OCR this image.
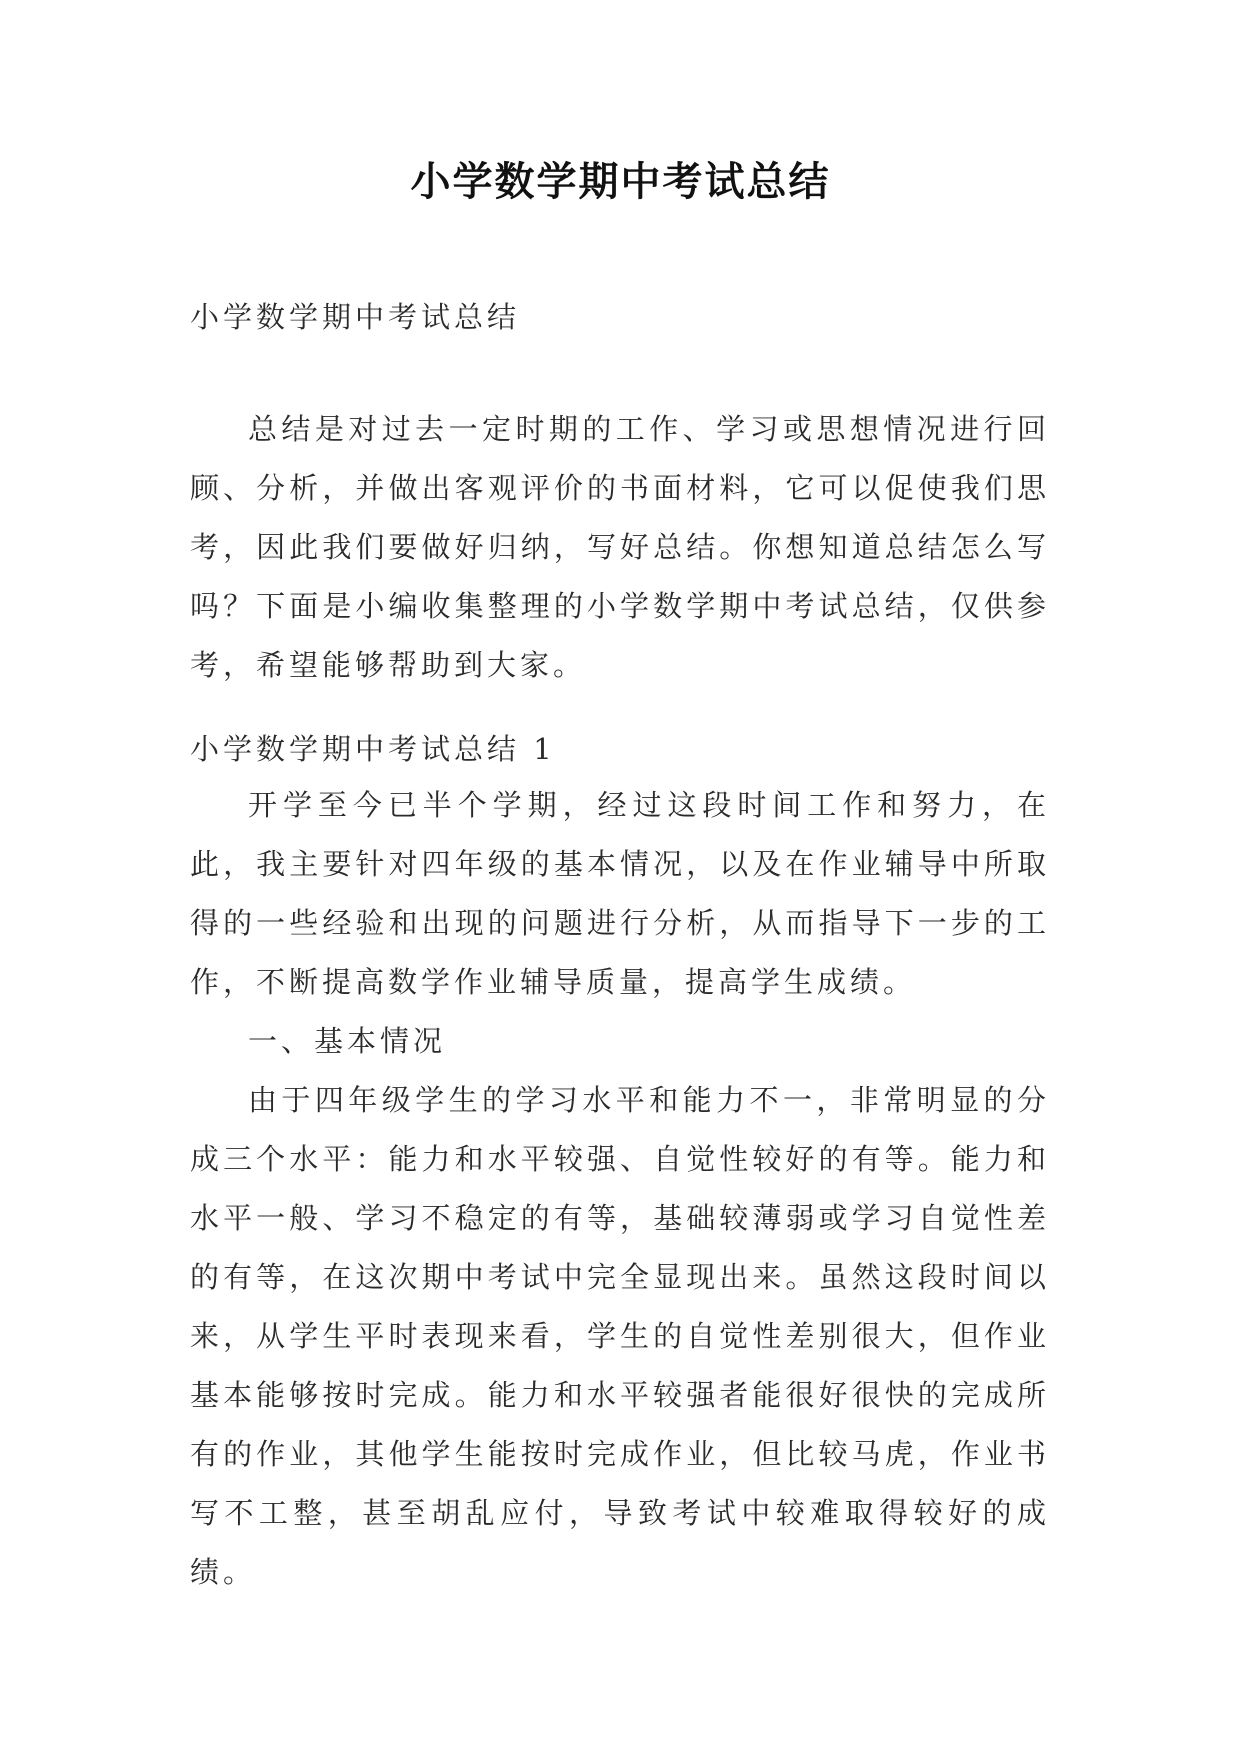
小学数学期中考试总结
小学数学期中考试总结

总结是对过去一定时期的工作、学习或思想情况进行回顾、分析，并做出客观评价的书面材料，它可以促使我们思考，因此我们要做好归纳，写好总结。你想知道总结怎么写吗？下面是小编收集整理的小学数学期中考试总结，仅供参考，希望能够帮助到大家。

小学数学期中考试总结 1

开学至今已半个学期，经过这段时间工作和努力，在此，我主要针对四年级的基本情况，以及在作业辅导中所取得的一些经验和出现的问题进行分析，从而指导下一步的工作，不断提高数学作业辅导质量，提高学生成绩。

一、基本情况

由于四年级学生的学习水平和能力不一，非常明显的分成三个水平：能力和水平较强、自觉性较好的有等。能力和水平一般、学习不稳定的有等，基础较薄弱或学习自觉性差的有等，在这次期中考试中完全显现出来。虽然这段时间以来，从学生平时表现来看，学生的自觉性差别很大，但作业基本能够按时完成。能力和水平较强者能很好很快的完成所有的作业，其他学生能按时完成作业，但比较马虎，作业书写不工整，甚至胡乱应付，导致考试中较难取得较好的成绩。
